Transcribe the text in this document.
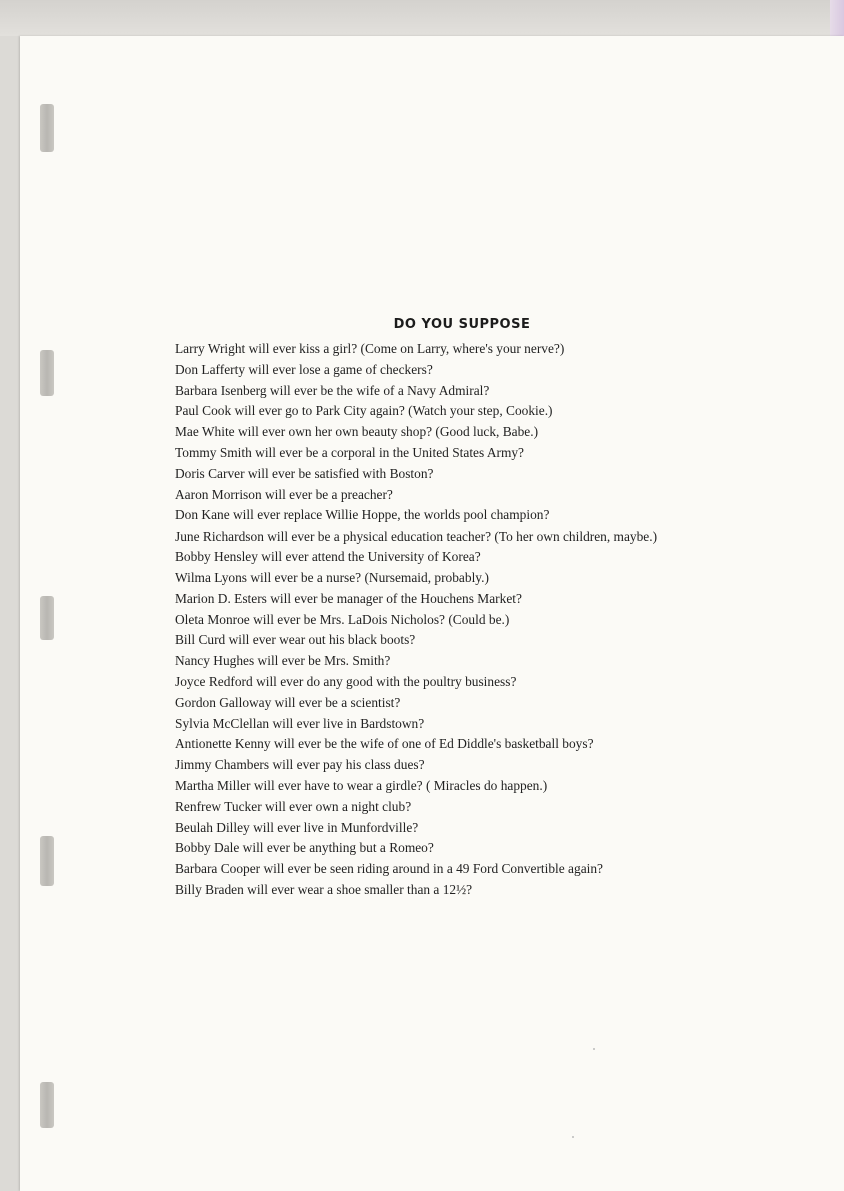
DO YOU SUPPOSE
Larry Wright will ever kiss a girl? (Come on Larry, where's your nerve?)
Don Lafferty will ever lose a game of checkers?
Barbara Isenberg will ever be the wife of a Navy Admiral?
Paul Cook will ever go to Park City again? (Watch your step, Cookie.)
Mae White will ever own her own beauty shop? (Good luck, Babe.)
Tommy Smith will ever be a corporal in the United States Army?
Doris Carver will ever be satisfied with Boston?
Aaron Morrison will ever be a preacher?
Don Kane will ever replace Willie Hoppe, the worlds pool champion?
June Richardson will ever be a physical education teacher? (To her own children, maybe.)
Bobby Hensley will ever attend the University of Korea?
Wilma Lyons will ever be a nurse? (Nursemaid, probably.)
Marion D. Esters will ever be manager of the Houchens Market?
Oleta Monroe will ever be Mrs. LaDois Nicholos? (Could be.)
Bill Curd will ever wear out his black boots?
Nancy Hughes will ever be Mrs. Smith?
Joyce Redford will ever do any good with the poultry business?
Gordon Galloway will ever be a scientist?
Sylvia McClellan will ever live in Bardstown?
Antionette Kenny will ever be the wife of one of Ed Diddle's basketball boys?
Jimmy Chambers will ever pay his class dues?
Martha Miller will ever have to wear a girdle? ( Miracles do happen.)
Renfrew Tucker will ever own a night club?
Beulah Dilley will ever live in Munfordville?
Bobby Dale will ever be anything but a Romeo?
Barbara Cooper will ever be seen riding around in a 49 Ford Convertible again?
Billy Braden will ever wear a shoe smaller than a 12½?
